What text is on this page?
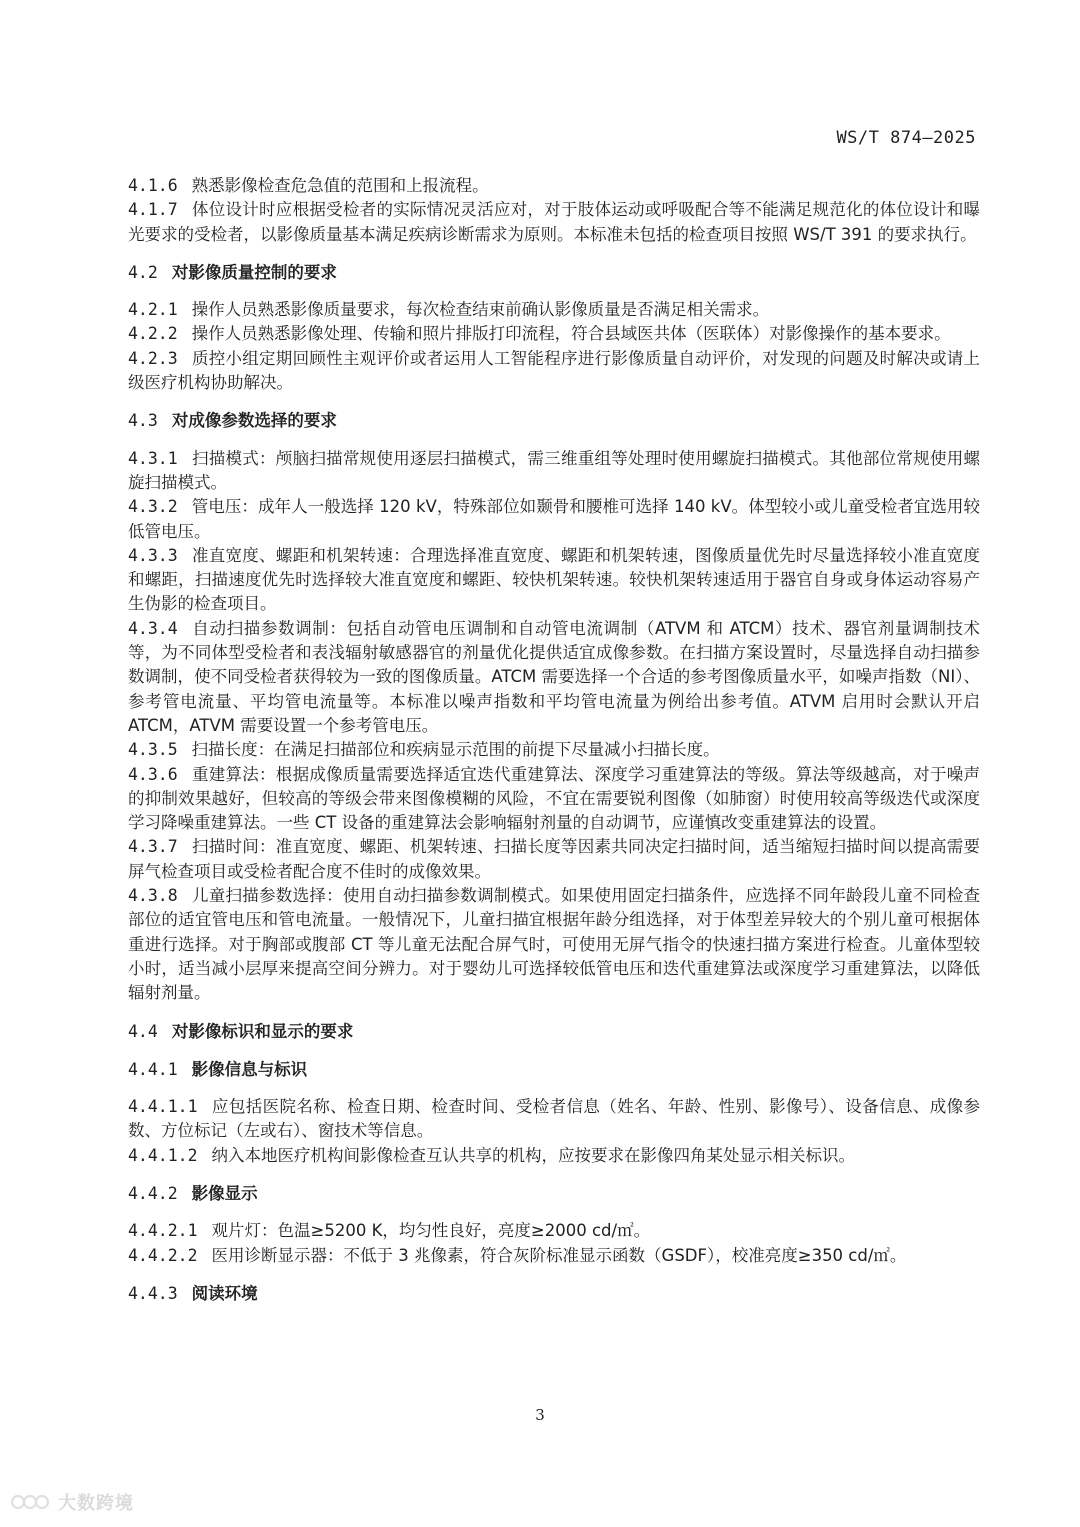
WS/T 874—2025
4.1.6 熟悉影像检查危急值的范围和上报流程。
4.1.7 体位设计时应根据受检者的实际情况灵活应对，对于肢体运动或呼吸配合等不能满足规范化的体位设计和曝光要求的受检者，以影像质量基本满足疾病诊断需求为原则。本标准未包括的检查项目按照 WS/T 391 的要求执行。
4.2 对影像质量控制的要求
4.2.1 操作人员熟悉影像质量要求，每次检查结束前确认影像质量是否满足相关需求。
4.2.2 操作人员熟悉影像处理、传输和照片排版打印流程，符合县域医共体（医联体）对影像操作的基本要求。
4.2.3 质控小组定期回顾性主观评价或者运用人工智能程序进行影像质量自动评价，对发现的问题及时解决或请上级医疗机构协助解决。
4.3 对成像参数选择的要求
4.3.1 扫描模式：颅脑扫描常规使用逐层扫描模式，需三维重组等处理时使用螺旋扫描模式。其他部位常规使用螺旋扫描模式。
4.3.2 管电压：成年人一般选择 120 kV，特殊部位如颞骨和腰椎可选择 140 kV。体型较小或儿童受检者宜选用较低管电压。
4.3.3 准直宽度、螺距和机架转速：合理选择准直宽度、螺距和机架转速，图像质量优先时尽量选择较小准直宽度和螺距，扫描速度优先时选择较大准直宽度和螺距、较快机架转速。较快机架转速适用于器官自身或身体运动容易产生伪影的检查项目。
4.3.4 自动扫描参数调制：包括自动管电压调制和自动管电流调制（ATVM 和 ATCM）技术、器官剂量调制技术等，为不同体型受检者和表浅辐射敏感器官的剂量优化提供适宜成像参数。在扫描方案设置时，尽量选择自动扫描参数调制，使不同受检者获得较为一致的图像质量。ATCM 需要选择一个合适的参考图像质量水平，如噪声指数（NI）、参考管电流量、平均管电流量等。本标准以噪声指数和平均管电流量为例给出参考值。ATVM 启用时会默认开启 ATCM，ATVM 需要设置一个参考管电压。
4.3.5 扫描长度：在满足扫描部位和疾病显示范围的前提下尽量减小扫描长度。
4.3.6 重建算法：根据成像质量需要选择适宜迭代重建算法、深度学习重建算法的等级。算法等级越高，对于噪声的抑制效果越好，但较高的等级会带来图像模糊的风险，不宜在需要锐利图像（如肺窗）时使用较高等级迭代或深度学习降噪重建算法。一些 CT 设备的重建算法会影响辐射剂量的自动调节，应谨慎改变重建算法的设置。
4.3.7 扫描时间：准直宽度、螺距、机架转速、扫描长度等因素共同决定扫描时间，适当缩短扫描时间以提高需要屏气检查项目或受检者配合度不佳时的成像效果。
4.3.8 儿童扫描参数选择：使用自动扫描参数调制模式。如果使用固定扫描条件，应选择不同年龄段儿童不同检查部位的适宜管电压和管电流量。一般情况下，儿童扫描宜根据年龄分组选择，对于体型差异较大的个别儿童可根据体重进行选择。对于胸部或腹部 CT 等儿童无法配合屏气时，可使用无屏气指令的快速扫描方案进行检查。儿童体型较小时，适当减小层厚来提高空间分辨力。对于婴幼儿可选择较低管电压和迭代重建算法或深度学习重建算法，以降低辐射剂量。
4.4 对影像标识和显示的要求
4.4.1 影像信息与标识
4.4.1.1 应包括医院名称、检查日期、检查时间、受检者信息（姓名、年龄、性别、影像号）、设备信息、成像参数、方位标记（左或右）、窗技术等信息。
4.4.1.2 纳入本地医疗机构间影像检查互认共享的机构，应按要求在影像四角某处显示相关标识。
4.4.2 影像显示
4.4.2.1 观片灯：色温≥5200 K，均匀性良好，亮度≥2000 cd/㎡。
4.4.2.2 医用诊断显示器：不低于 3 兆像素，符合灰阶标准显示函数（GSDF），校准亮度≥350 cd/㎡。
4.4.3 阅读环境
3
大数跨境
